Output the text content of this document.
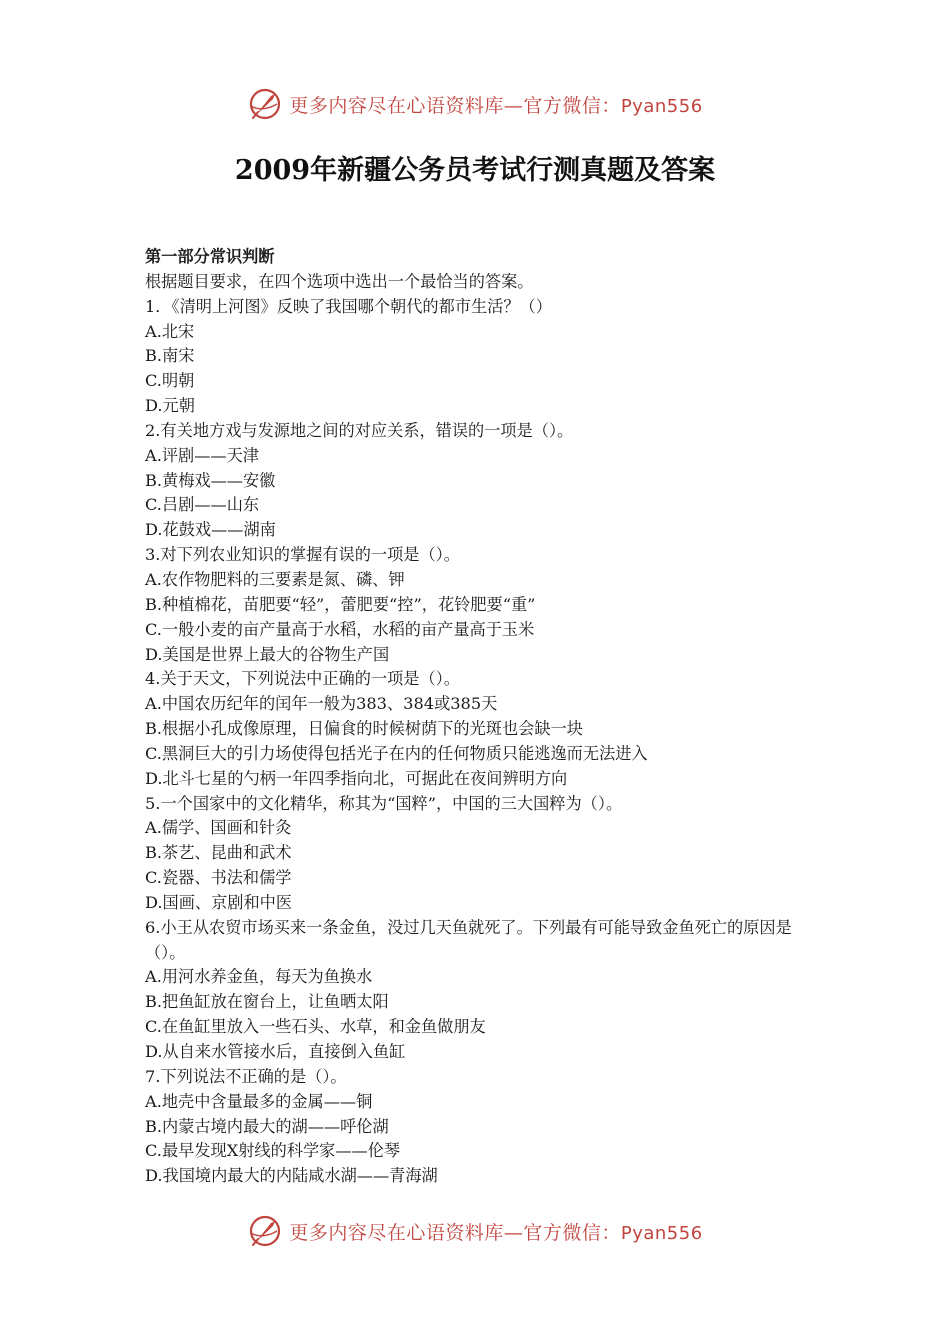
更多内容尽在心语资料库—官方微信：Pyan556
2009年新疆公务员考试行测真题及答案
第一部分常识判断
根据题目要求，在四个选项中选出一个最恰当的答案。
1．《清明上河图》反映了我国哪个朝代的都市生活？（）
A.北宋
B.南宋
C.明朝
D.元朝
2.有关地方戏与发源地之间的对应关系，错误的一项是（）。
A.评剧——天津
B.黄梅戏——安徽
C.吕剧——山东
D.花鼓戏——湖南
3.对下列农业知识的掌握有误的一项是（）。
A.农作物肥料的三要素是氮、磷、钾
B.种植棉花，苗肥要“轻”，蕾肥要“控”，花铃肥要“重”
C.一般小麦的亩产量高于水稻，水稻的亩产量高于玉米
D.美国是世界上最大的谷物生产国
4.关于天文，下列说法中正确的一项是（）。
A.中国农历纪年的闰年一般为383、384或385天
B.根据小孔成像原理，日偏食的时候树荫下的光斑也会缺一块
C.黑洞巨大的引力场使得包括光子在内的任何物质只能逃逸而无法进入
D.北斗七星的勺柄一年四季指向北，可据此在夜间辨明方向
5.一个国家中的文化精华，称其为“国粹”，中国的三大国粹为（）。
A.儒学、国画和针灸
B.茶艺、昆曲和武术
C.瓷器、书法和儒学
D.国画、京剧和中医
6.小王从农贸市场买来一条金鱼，没过几天鱼就死了。下列最有可能导致金鱼死亡的原因是（）。
A.用河水养金鱼，每天为鱼换水
B.把鱼缸放在窗台上，让鱼晒太阳
C.在鱼缸里放入一些石头、水草，和金鱼做朋友
D.从自来水管接水后，直接倒入鱼缸
7.下列说法不正确的是（）。
A.地壳中含量最多的金属——铜
B.内蒙古境内最大的湖——呼伦湖
C.最早发现X射线的科学家——伦琴
D.我国境内最大的内陆咸水湖——青海湖
更多内容尽在心语资料库—官方微信：Pyan556
